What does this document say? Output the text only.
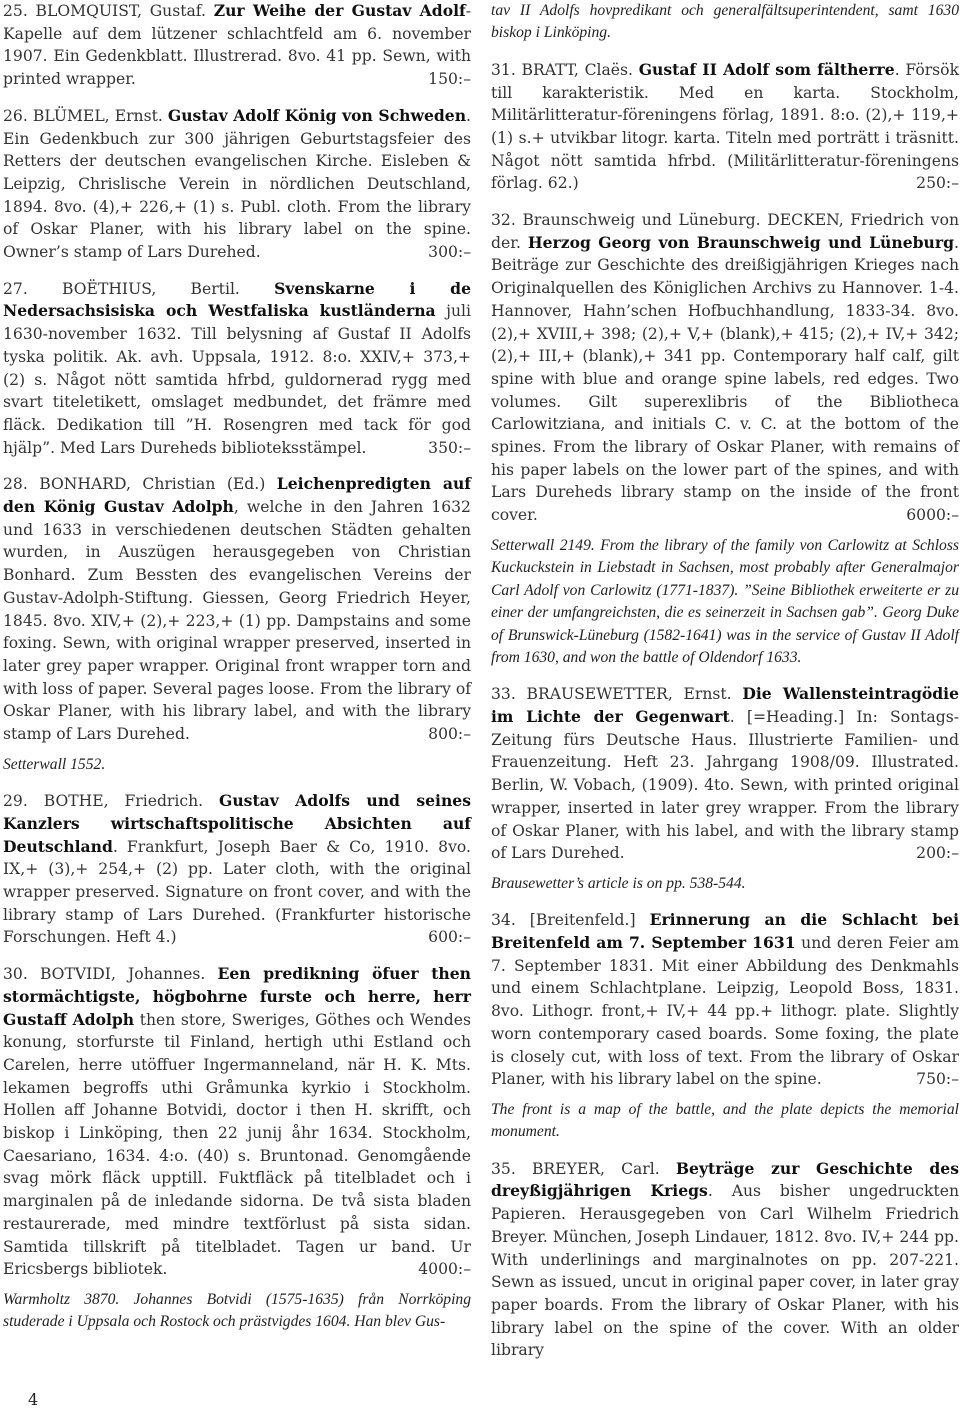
25. BLOMQUIST, Gustaf. Zur Weihe der Gustav Adolf-Kapelle auf dem lützener schlachtfeld am 6. november 1907. Ein Gedenkblatt. Illustrerad. 8vo. 41 pp. Sewn, with printed wrapper.	150:–
26. BLÜMEL, Ernst. Gustav Adolf König von Schweden. Ein Gedenkbuch zur 300 jährigen Geburtstagsfeier des Retters der deutschen evangelischen Kirche. Eisleben & Leipzig, Chrislische Verein in nördlichen Deutschland, 1894. 8vo. (4),+ 226,+ (1) s. Publ. cloth. From the library of Oskar Planer, with his library label on the spine. Owner’s stamp of Lars Durehed.	300:–
27. BOËTHIUS, Bertil. Svenskarne i de Nedersachsisiska och Westfaliska kustländerna juli 1630-november 1632. Till belysning af Gustaf II Adolfs tyska politik. Ak. avh. Uppsala, 1912. 8:o. XXIV,+ 373,+ (2) s. Något nött samtida hfrbd, guldornerad rygg med svart titeletikett, omslaget medbundet, det främre med fläck. Dedikation till ”H. Rosengren med tack för god hjälp”. Med Lars Dureheds biblioteksstämpel.	350:–
28. BONHARD, Christian (Ed.) Leichenpredigten auf den König Gustav Adolph, welche in den Jahren 1632 und 1633 in verschiedenen deutschen Städten gehalten wurden, in Auszügen herausgegeben von Christian Bonhard. Zum Bessten des evangelischen Vereins der Gustav-Adolph-Stiftung. Giessen, Georg Friedrich Heyer, 1845. 8vo. XIV,+ (2),+ 223,+ (1) pp. Dampstains and some foxing. Sewn, with original wrapper preserved, inserted in later grey paper wrapper. Original front wrapper torn and with loss of paper. Several pages loose. From the library of Oskar Planer, with his library label, and with the library stamp of Lars Durehed.	800:–
Setterwall 1552.
29. BOTHE, Friedrich. Gustav Adolfs und seines Kanzlers wirtschaftspolitische Absichten auf Deutschland. Frankfurt, Joseph Baer & Co, 1910. 8vo. IX,+ (3),+ 254,+ (2) pp. Later cloth, with the original wrapper preserved. Signature on front cover, and with the library stamp of Lars Durehed. (Frankfurter historische Forschungen. Heft 4.)	600:–
30. BOTVIDI, Johannes. Een predikning öfuer then stormächtigste, högbohrne furste och herre, herr Gustaff Adolph then store, Sweriges, Göthes och Wendes konung, storfurste til Finland, hertigh uthi Estland och Carelen, herre utöffuer Ingermanneland, när H. K. Mts. lekamen begroffs uthi Gråmunka kyrkio i Stockholm. Hollen aff Johanne Botvidi, doctor i then H. skrifft, och biskop i Linköping, then 22 junij åhr 1634. Stockholm, Caesariano, 1634. 4:o. (40) s. Bruntonad. Genomgående svag mörk fläck upptill. Fuktfläck på titelbladet och i marginalen på de inledande sidorna. De två sista bladen restaurerade, med mindre textförlust på sista sidan. Samtida tillskrift på titelbladet. Tagen ur band. Ur Ericsbergs bibliotek.	4000:–
Warmholtz 3870. Johannes Botvidi (1575-1635) från Norrköping studerade i Uppsala och Rostock och prästvigdes 1604. Han blev Gus-
tav II Adolfs hovpredikant och generalfältsuperintendent, samt 1630 biskop i Linköping.
31. BRATT, Claës. Gustaf II Adolf som fältherre. Försök till karakteristik. Med en karta. Stockholm, Militärlitteratur-föreningens förlag, 1891. 8:o. (2),+ 119,+ (1) s.+ utvikbar litogr. karta. Titeln med porträtt i träsnitt. Något nött samtida hfrbd. (Militärlitteratur-föreningens förlag. 62.)	250:–
32. Braunschweig und Lüneburg. DECKEN, Friedrich von der. Herzog Georg von Braunschweig und Lüneburg. Beiträge zur Geschichte des dreißigjährigen Krieges nach Originalquellen des Königlichen Archivs zu Hannover. 1-4. Hannover, Hahn’schen Hofbuchhandlung, 1833-34. 8vo. (2),+ XVIII,+ 398; (2),+ V,+ (blank),+ 415; (2),+ IV,+ 342; (2),+ III,+ (blank),+ 341 pp. Contemporary half calf, gilt spine with blue and orange spine labels, red edges. Two volumes. Gilt superexlibris of the Bibliotheca Carlowitziana, and initials C. v. C. at the bottom of the spines. From the library of Oskar Planer, with remains of his paper labels on the lower part of the spines, and with Lars Dureheds library stamp on the inside of the front cover.	6000:–
Setterwall 2149. From the library of the family von Carlowitz at Schloss Kuckuckstein in Liebstadt in Sachsen, most probably after Generalmajor Carl Adolf von Carlowitz (1771-1837). ”Seine Bibliothek erweiterte er zu einer der umfangreichsten, die es seinerzeit in Sachsen gab”. Georg Duke of Brunswick-Lüneburg (1582-1641) was in the service of Gustav II Adolf from 1630, and won the battle of Oldendorf 1633.
33. BRAUSEWETTER, Ernst. Die Wallensteintragödie im Lichte der Gegenwart. [=Heading.] In: Sontags-Zeitung fürs Deutsche Haus. Illustrierte Familien- und Frauenzeitung. Heft 23. Jahrgang 1908/09. Illustrated. Berlin, W. Vobach, (1909). 4to. Sewn, with printed original wrapper, inserted in later grey wrapper. From the library of Oskar Planer, with his label, and with the library stamp of Lars Durehed.	200:–
Brausewetter’s article is on pp. 538-544.
34. [Breitenfeld.] Erinnerung an die Schlacht bei Breitenfeld am 7. September 1631 und deren Feier am 7. September 1831. Mit einer Abbildung des Denkmahls und einem Schlachtplane. Leipzig, Leopold Boss, 1831. 8vo. Lithogr. front,+ IV,+ 44 pp.+ lithogr. plate. Slightly worn contemporary cased boards. Some foxing, the plate is closely cut, with loss of text. From the library of Oskar Planer, with his library label on the spine.	750:–
The front is a map of the battle, and the plate depicts the memorial monument.
35. BREYER, Carl. Beyträge zur Geschichte des dreyßigjährigen Kriegs. Aus bisher ungedruckten Papieren. Herausgegeben von Carl Wilhelm Friedrich Breyer. München, Joseph Lindauer, 1812. 8vo. IV,+ 244 pp. With underlinings and marginalnotes on pp. 207-221. Sewn as issued, uncut in original paper cover, in later gray paper boards. From the library of Oskar Planer, with his library label on the spine of the cover. With an older library
4
